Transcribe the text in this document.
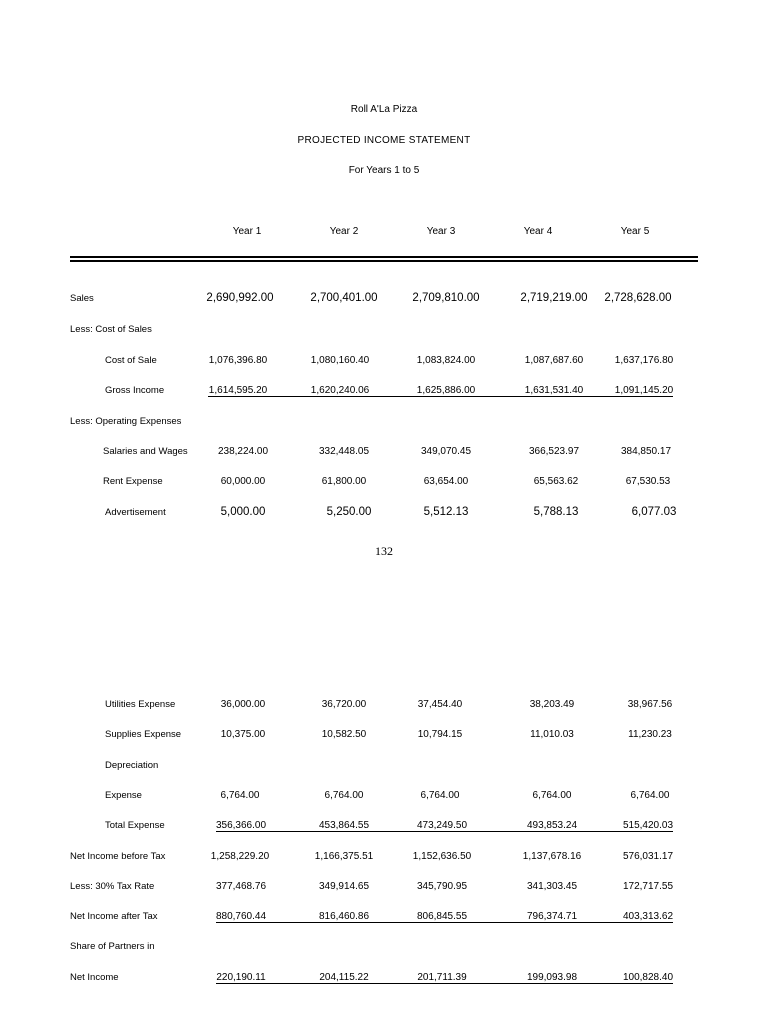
Roll A'La Pizza
PROJECTED INCOME STATEMENT
For Years 1 to 5
Year 1	Year 2	Year 3	Year 4	Year 5
Sales	2,690,992.00	2,700,401.00	2,709,810.00	2,719,219.00	2,728,628.00
Less: Cost of Sales
Cost of Sale	1,076,396.80	1,080,160.40	1,083,824.00	1,087,687.60	1,637,176.80
Gross Income	1,614,595.20	1,620,240.06	1,625,886.00	1,631,531.40	1,091,145.20
Less: Operating Expenses
Salaries and Wages	238,224.00	332,448.05	349,070.45	366,523.97	384,850.17
Rent Expense	60,000.00	61,800.00	63,654.00	65,563.62	67,530.53
Advertisement	5,000.00	5,250.00	5,512.13	5,788.13	6,077.03
132
Utilities Expense	36,000.00	36,720.00	37,454.40	38,203.49	38,967.56
Supplies Expense	10,375.00	10,582.50	10,794.15	11,010.03	11,230.23
Depreciation
Expense	6,764.00	6,764.00	6,764.00	6,764.00	6,764.00
Total Expense	356,366.00	453,864.55	473,249.50	493,853.24	515,420.03
Net Income before Tax	1,258,229.20	1,166,375.51	1,152,636.50	1,137,678.16	576,031.17
Less: 30% Tax Rate	377,468.76	349,914.65	345,790.95	341,303.45	172,717.55
Net Income after Tax	880,760.44	816,460.86	806,845.55	796,374.71	403,313.62
Share of Partners in
Net Income	220,190.11	204,115.22	201,711.39	199,093.98	100,828.40
